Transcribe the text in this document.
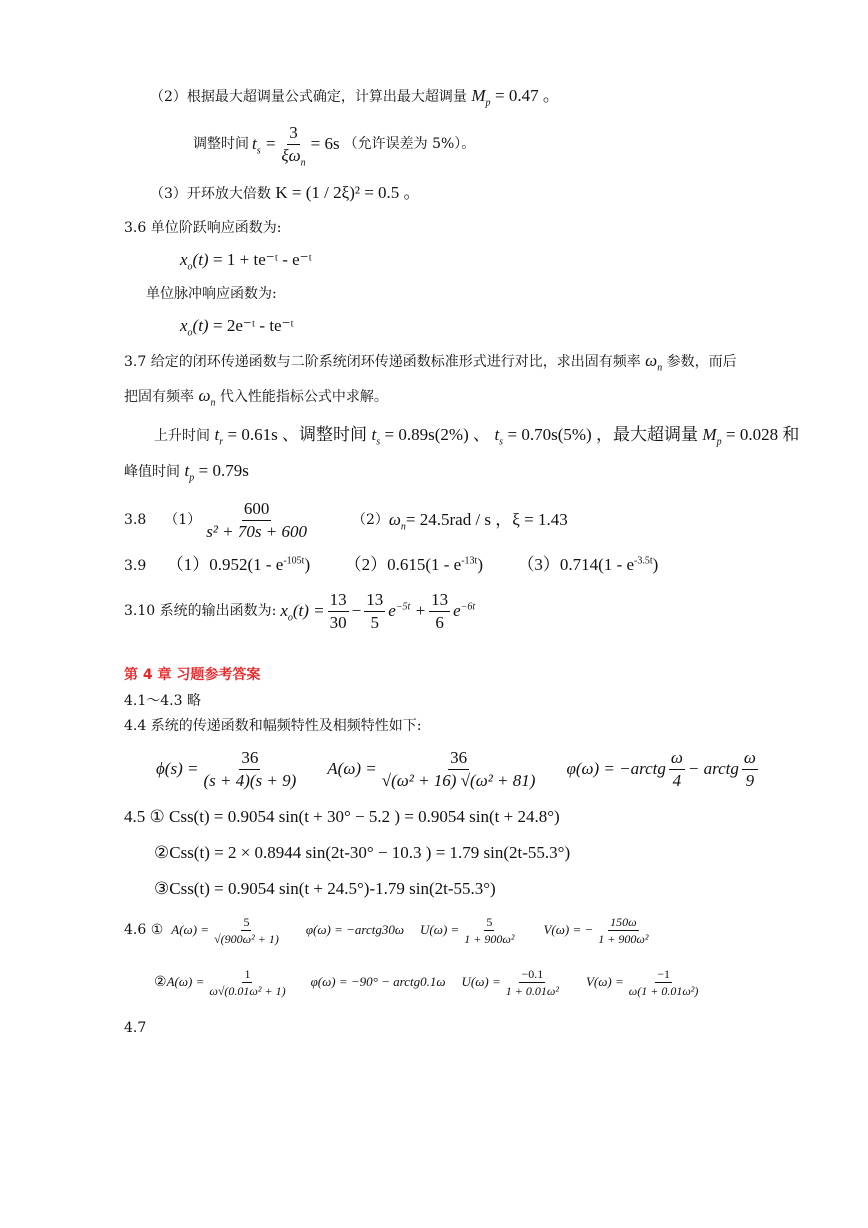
（2）根据最大超调量公式确定，计算出最大超调量 $M_p = 0.47$ 。
调整时间 $t_s = \frac{3}{\xi\omega_n} = 6s$ （允许误差为 5%）。
（3）开环放大倍数 K = (1 / 2ξ)² = 0.5 。
3.6 单位阶跃响应函数为:
$x_o(t) = 1$ + te⁻ᵗ - e⁻ᵗ
单位脉冲响应函数为:
$x_o(t)$ = 2e⁻ᵗ - te⁻ᵗ
3.7 给定的闭环传递函数与二阶系统闭环传递函数标准形式进行对比，求出固有频率 $\omega_n$ 参数，而后
把固有频率 $\omega_n$ 代入性能指标公式中求解。
上升时间 $t_r = 0.61s$ 、调整时间 $t_s = 0.89s(2\%)$ 、 $t_s = 0.70s(5\%)$ ，最大超调量 $M_p = 0.028$ 和
峰值时间 $t_p = 0.79s$
3.8 $(1) \frac{600}{\text{s² + 70s + 600}}$	（2） $\omega_n = 24.5rad / s$ ，ξ = 1.43
3.9 $(1)0.952(1 - e^{-105t})$ $(2)0.615(1 - e^{-13t})$ $(3)0.714(1 - e^{-3.5t})$
3.10 系统的输出函数为: $x_o(t) = \frac{13}{30} - \frac{13}{5} e^{-5t} + \frac{13}{6} e^{-6t}$
第 4 章 习题参考答案
4.1～4.3 略
4.4 系统的传递函数和幅频特性及相频特性如下:
$\phi(s) = \frac{36}{(s + 4)(s + 9)} A(\omega) = \frac{36}{\text{√(ω² + 16) √(ω² + 81)}} \varphi(\omega)$ = −arctg $\frac{\omega}{4}$ − arctg $\frac{\omega}{9}$
4.5 ① Css(t) = 0.9054 sin(t + 30° − 5.2 ) = 0.9054 sin(t + 24.8°)
②Css(t) = 2 × 0.8944 sin(2t-30° − 10.3 ) = 1.79 sin(2t-55.3°)
③Css(t) = 0.9054 sin(t + 24.5°)-1.79 sin(2t-55.3°)
4.6 ① $A(\omega) = \frac{5}{\text{√(900ω² + 1)}} \varphi(\omega)$ = −arctg30ω $U(\omega) = \frac{5}{\text{1 + 900ω²}} V(\omega)$ = − $\frac{150\omega}{\text{1 + 900ω²}}$
② $A(\omega) = \frac{1}{\text{ω√(0.01ω² + 1)}} \varphi(\omega) = -90^\circ$ − arctg0.1ω $U(\omega) = \frac{-0.1}{\text{1 + 0.01ω²}} V(\omega) = \frac{-1}{\text{ω(1 + 0.01ω²)}}$
4.7
